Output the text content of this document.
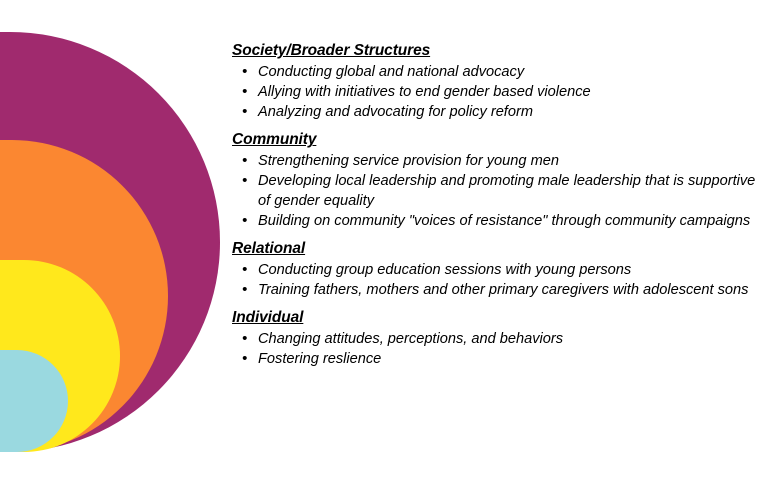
Society/Broader Structures
• Conducting global and national advocacy
• Allying with initiatives to end gender based violence
• Analyzing and advocating for policy reform
Community
• Strengthening service provision for young men
• Developing local leadership and promoting male leadership that is supportive of gender equality
• Building on community "voices of resistance" through community campaigns
Relational
• Conducting group education sessions with young persons
• Training fathers, mothers and other primary caregivers with adolescent sons
Individual
• Changing attitudes, perceptions, and behaviors
• Fostering reslience
